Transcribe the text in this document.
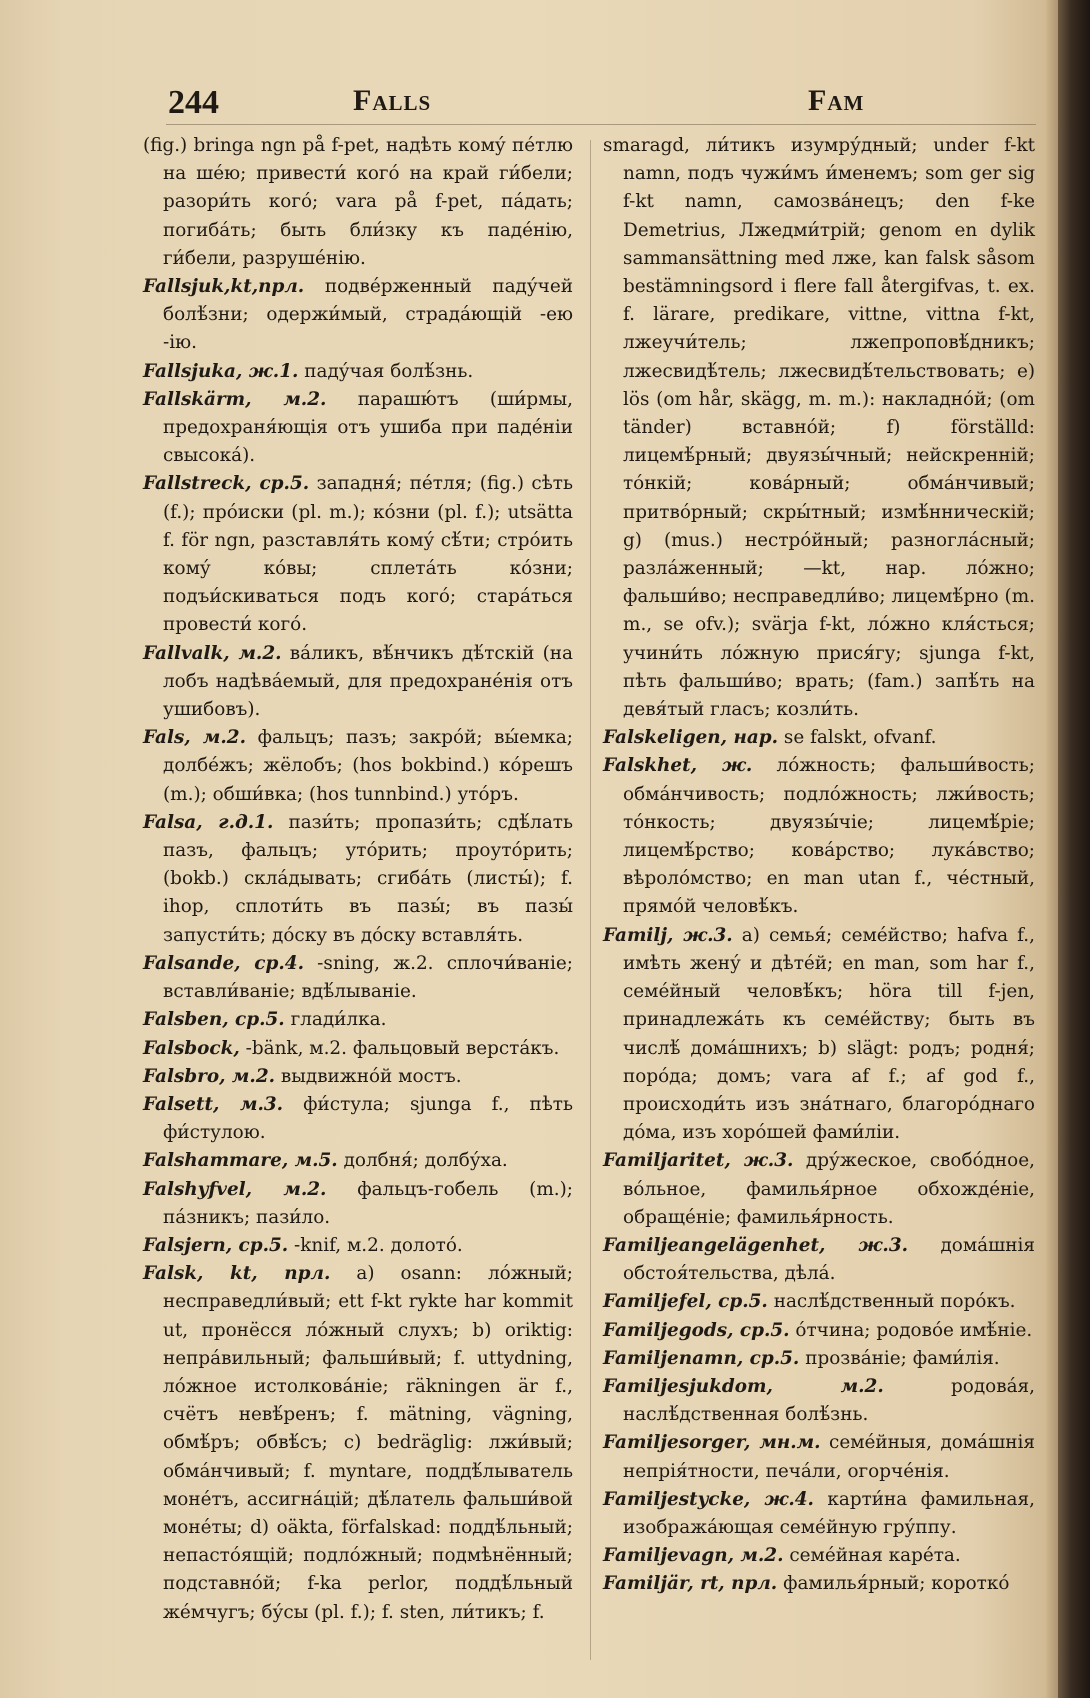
244	Falls	Fam

(fig.) bringa ngn på f-pet, надѣть кому́ пе́тлю на ше́ю; привести́ кого́ на край ги́бели; разори́ть кого́; vara på f-pet, па́дать; погиба́ть; быть бли́зку къ паде́нію, ги́бели, разруше́нію.

Fallsjuk,kt,прл. подве́рженный паду́чей болѣ́зни; одержи́мый, страда́ющій -ею -ію.

Fallsjuka, ж.1. паду́чая болѣ́знь.

Fallskärm, м.2. парашю́тъ (ши́рмы, предохраня́ющія отъ ушиба при паде́ніи свысока́).

Fallstreck, ср.5. западня́; пе́тля; (fig.) сѣть (f.); про́иски (pl. m.); ко́зни (pl. f.); utsätta f. för ngn, разставля́ть кому́ сѣ́ти; стро́ить кому́ ко́вы; сплета́ть ко́зни; подъи́скиваться подъ кого́; стара́ться провести́ кого́.

Fallvalk, м.2. ва́ликъ, вѣ́нчикъ дѣ́тскій (на лобъ надѣва́емый, для предохране́нія отъ ушибовъ).

Fals, м.2. фальцъ; пазъ; закро́й; вы́емка; долбе́жъ; жёлобъ; (hos bokbind.) ко́решъ (m.); обши́вка; (hos tunnbind.) уто́ръ.

Falsa, г.д.1. пази́ть; пропази́ть; сдѣ́лать пазъ, фальцъ; уто́рить; проуто́рить; (bokb.) скла́дывать; сгиба́ть (листы́); f. ihop, сплоти́ть въ пазы́; въ пазы́ запусти́ть; до́ску въ до́ску вставля́ть.

Falsande, ср.4. -sning, ж.2. сплочи́ваніе; вставли́ваніе; вдѣ́лываніе.

Falsben, ср.5. глади́лка.

Falsbock, -bänk, м.2. фальцовый верста́къ.

Falsbro, м.2. выдвижно́й мостъ.

Falsett, м.3. фи́стула; sjunga f., пѣть фи́стулою.

Falshammare, м.5. долбня́; долбу́ха.

Falshyfvel, м.2. фальцъ-гобель (m.); па́зникъ; пази́ло.

Falsjern, ср.5. -knif, м.2. долото́.

Falsk, kt, прл. a) osann: ло́жный; несправедли́вый; ett f-kt rykte har kommit ut, пронёсся ло́жный слухъ; b) oriktig: непра́вильный; фальши́вый; f. uttydning, ло́жное истолкова́ніе; räkningen är f., счётъ невѣ́ренъ; f. mätning, vägning, обмѣ́ръ; обвѣ́съ; c) bedräglig: лжи́вый; обма́нчивый; f. myntare, поддѣ́лыватель моне́тъ, ассигна́цій; дѣ́латель фальши́вой моне́ты; d) oäkta, förfalskad: поддѣ́льный; непасто́ящій; подло́жный; подмѣнённый; подставно́й; f-ka perlor, поддѣ́льный же́мчугъ; бу́сы (pl. f.); f. sten, ли́тикъ; f.

smaragd, ли́тикъ изумру́дный; under f-kt namn, подъ чужи́мъ и́менемъ; som ger sig f-kt namn, самозва́нецъ; den f-ke Demetrius, Лжедми́трій; genom en dylik sammansättning med лже, kan falsk såsom bestämningsord i flere fall återgifvas, t. ex. f. lärare, predikare, vittne, vittna f-kt, лжеучи́тель; лжепроповѣ́дникъ; лжесвидѣ́тель; лжесвидѣ́тельствовать; e) lös (om hår, skägg, m. m.): накладно́й; (om tänder) вставно́й; f) förställd: лицемѣ́рный; двуязы́чный; нейскренній; то́нкій; кова́рный; обма́нчивый; притво́рный; скры́тный; измѣ́нническій; g) (mus.) нестро́йный; разногла́сный; разла́женный; —kt, нар. ло́жно; фальши́во; несправедли́во; лицемѣ́рно (m. m., se ofv.); svärja f-kt, ло́жно кля́сться; учини́ть ло́жную прися́гу; sjunga f-kt, пѣть фальши́во; врать; (fam.) запѣ́ть на девя́тый гласъ; козли́ть.

Falskeligen, нар. se falskt, ofvanf.

Falskhet, ж. ло́жность; фальши́вость; обма́нчивость; подло́жность; лжи́вость; то́нкость; двуязы́чіе; лицемѣ́ріе; лицемѣ́рство; кова́рство; лука́вство; вѣроло́мство; en man utan f., че́стный, прямо́й человѣ́къ.

Familj, ж.3. a) семья́; семе́йство; hafva f., имѣть жену́ и дѣте́й; en man, som har f., семе́йный человѣ́къ; höra till f-jen, принадлежа́ть къ семе́йству; быть въ числѣ́ дома́шнихъ; b) slägt: родъ; родня́; поро́да; домъ; vara af f.; af god f., происходи́ть изъ зна́тнаго, благоро́днаго до́ма, изъ хоро́шей фами́ліи.

Familjaritet, ж.3. дру́жеское, свобо́дное, во́льное, фамилья́рное обхожде́ніе, обраще́ніе; фамилья́рность.

Familjeangelägenhet, ж.3. дома́шнія обстоя́тельства, дѣла́.

Familjefel, ср.5. наслѣ́дственный поро́къ.

Familjegods, ср.5. о́тчина; родово́е имѣ́ніе.

Familjenamn, ср.5. прозва́ніе; фами́лія.

Familjesjukdom, м.2.	родова́я, наслѣ́дственная болѣ́знь.

Familjesorger, мн.м. семе́йныя, дома́шнія непрія́тности, печа́ли, огорче́нія.

Familjestycke, ж.4. карти́на фамильная, изобража́ющая семе́йную гру́ппу.

Familjevagn, м.2. семе́йная каре́та.

Familjär, rt, прл. фамилья́рный; коротко́
